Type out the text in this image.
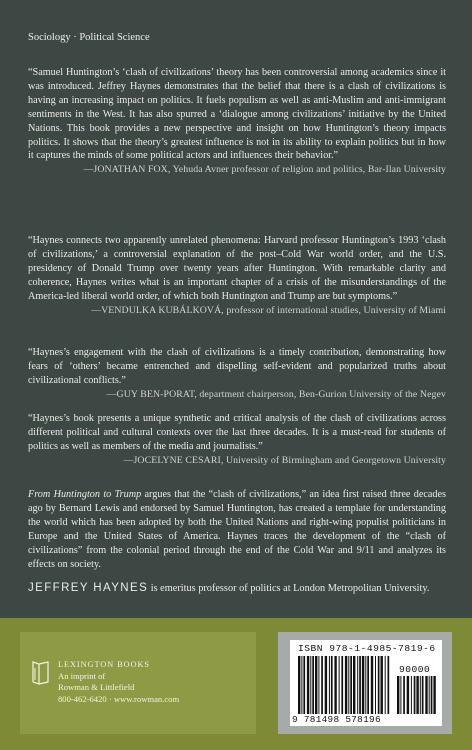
Sociology · Political Science

“Samuel Huntington’s ‘clash of civilizations’ theory has been controversial among academics since it was introduced. Jeffrey Haynes demonstrates that the belief that there is a clash of civilizations is having an increasing impact on politics. It fuels populism as well as anti-Muslim and anti-immigrant sentiments in the West. It has also spurred a ‘dialogue among civilizations’ initiative by the United Nations. This book provides a new perspective and insight on how Huntington’s theory impacts politics. It shows that the theory’s greatest influence is not in its ability to explain politics but in how it captures the minds of some political actors and influences their behavior.”

—JONATHAN FOX, Yehuda Avner professor of religion and politics, Bar-Ilan University

“Haynes connects two apparently unrelated phenomena: Harvard professor Huntington’s 1993 ‘clash of civilizations,’ a controversial explanation of the post–Cold War world order, and the U.S. presidency of Donald Trump over twenty years after Huntington. With remarkable clarity and coherence, Haynes writes what is an important chapter of a crisis of the misunderstandings of the America-led liberal world order, of which both Huntington and Trump are but symptoms.”

—VENDULKA KUBÁLKOVÁ, professor of international studies, University of Miami

“Haynes’s engagement with the clash of civilizations is a timely contribution, demonstrating how fears of ‘others’ became entrenched and dispelling self-evident and popularized truths about civilizational conflicts.”

—GUY BEN-PORAT, department chairperson, Ben-Gurion University of the Negev

“Haynes’s book presents a unique synthetic and critical analysis of the clash of civilizations across different political and cultural contexts over the last three decades. It is a must-read for students of politics as well as members of the media and journalists.”

—JOCELYNE CESARI, University of Birmingham and Georgetown University

From Huntington to Trump argues that the “clash of civilizations,” an idea first raised three decades ago by Bernard Lewis and endorsed by Samuel Huntington, has created a template for understanding the world which has been adopted by both the United Nations and right-wing populist politicians in Europe and the United States of America. Haynes traces the development of the “clash of civilizations” from the colonial period through the end of the Cold War and 9/11 and analyzes its effects on society.

JEFFREY HAYNES is emeritus professor of politics at London Metropolitan University.
LEXINGTON BOOKS
An imprint of
Rowman & Littlefield
800-462-6420 · www.rowman.com
ISBN 978-1-4985-7819-6
90000
9 781498 578196
